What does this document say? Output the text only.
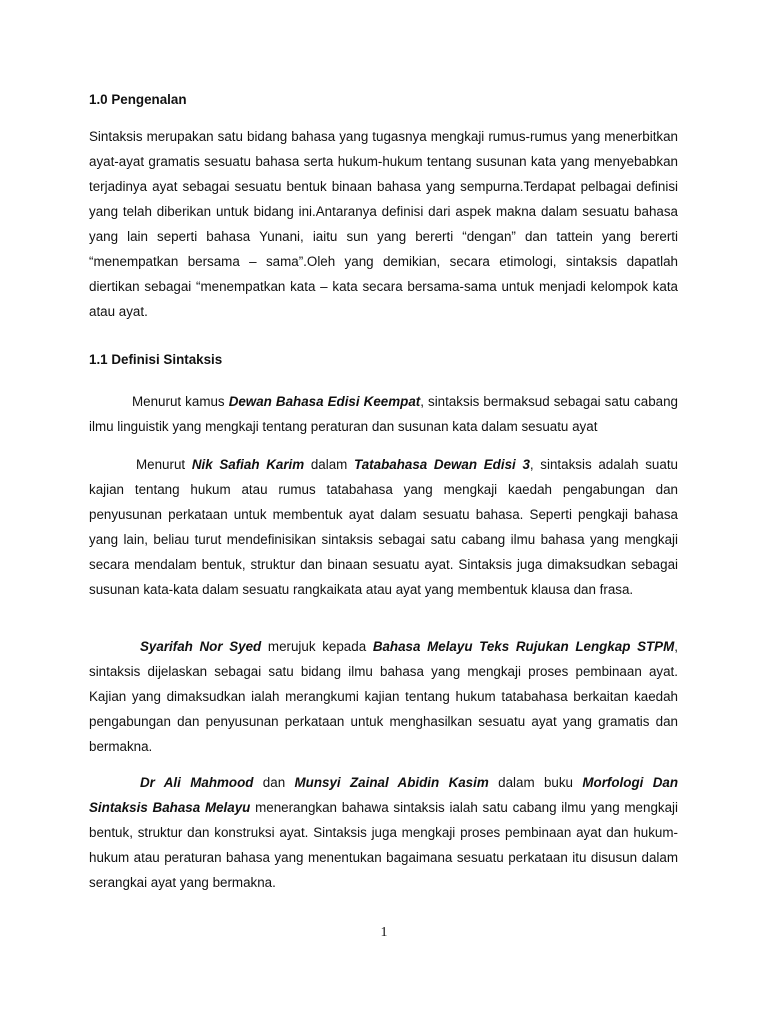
1.0 Pengenalan

Sintaksis merupakan satu bidang bahasa yang tugasnya mengkaji rumus-rumus yang menerbitkan ayat-ayat gramatis sesuatu bahasa serta hukum-hukum tentang susunan kata yang menyebabkan terjadinya ayat sebagai sesuatu bentuk binaan bahasa yang sempurna.Terdapat pelbagai definisi yang telah diberikan untuk bidang ini.Antaranya definisi dari aspek makna dalam sesuatu bahasa yang lain seperti bahasa Yunani, iaitu sun yang bererti “dengan” dan tattein yang bererti “menempatkan bersama – sama”.Oleh yang demikian, secara etimologi, sintaksis dapatlah diertikan sebagai “menempatkan kata – kata secara bersama-sama untuk menjadi kelompok kata atau ayat.

1.1 Definisi Sintaksis

Menurut kamus Dewan Bahasa Edisi Keempat, sintaksis bermaksud sebagai satu cabang ilmu linguistik yang mengkaji tentang peraturan dan susunan kata dalam sesuatu ayat

Menurut Nik Safiah Karim dalam Tatabahasa Dewan Edisi 3, sintaksis adalah suatu kajian tentang hukum atau rumus tatabahasa yang mengkaji kaedah pengabungan dan penyusunan perkataan untuk membentuk ayat dalam sesuatu bahasa. Seperti pengkaji bahasa yang lain, beliau turut mendefinisikan sintaksis sebagai satu cabang ilmu bahasa yang mengkaji secara mendalam bentuk, struktur dan binaan sesuatu ayat. Sintaksis juga dimaksudkan sebagai susunan kata-kata dalam sesuatu rangkaikata atau ayat yang membentuk klausa dan frasa.

Syarifah Nor Syed merujuk kepada Bahasa Melayu Teks Rujukan Lengkap STPM, sintaksis dijelaskan sebagai satu bidang ilmu bahasa yang mengkaji proses pembinaan ayat. Kajian yang dimaksudkan ialah merangkumi kajian tentang hukum tatabahasa berkaitan kaedah pengabungan dan penyusunan perkataan untuk menghasilkan sesuatu ayat yang gramatis dan bermakna.

Dr Ali Mahmood dan Munsyi Zainal Abidin Kasim dalam buku Morfologi Dan Sintaksis Bahasa Melayu menerangkan bahawa sintaksis ialah satu cabang ilmu yang mengkaji bentuk, struktur dan konstruksi ayat. Sintaksis juga mengkaji proses pembinaan ayat dan hukum-hukum atau peraturan bahasa yang menentukan bagaimana sesuatu perkataan itu disusun dalam serangkai ayat yang bermakna.

1
